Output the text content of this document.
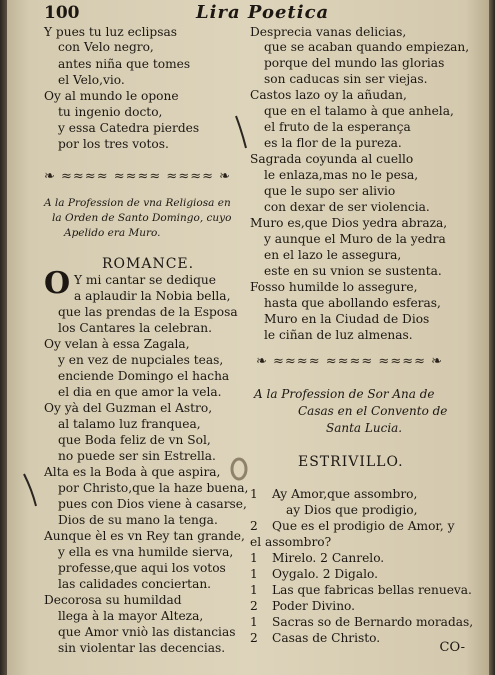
100	Lira Poetica
Y pues tu luz eclipsas
con Velo negro,
antes niña que tomes
el Velo,vio.
Oy al mundo le opone
tu ingenio docto,
y essa Catedra pierdes
por los tres votos.
❧ ≈≈≈≈ ≈≈≈≈ ≈≈≈≈ ❧
A la Profession de vna Religiosa en
la Orden de Santo Domingo, cuyo
Apelido era Muro.
ROMANCE.
O Y mi cantar se dedique
a aplaudir la Nobia bella,
que las prendas de la Esposa
los Cantares la celebran.
Oy velan à essa Zagala,
y en vez de nupciales teas,
enciende Domingo el hacha
el dia en que amor la vela.
Oy yà del Guzman el Astro,
al talamo luz franquea,
que Boda feliz de vn Sol,
no puede ser sin Estrella.
Alta es la Boda à que aspira,
por Christo,que la haze buena,
pues con Dios viene à casarse,
Dios de su mano la tenga.
Aunque èl es vn Rey tan grande,
y ella es vna humilde sierva,
professe,que aqui los votos
las calidades conciertan.
Decorosa su humildad
llega à la mayor Alteza,
que Amor vniò las distancias
sin violentar las decencias.
Desprecia vanas delicias,
que se acaban quando empiezan,
porque del mundo las glorias
son caducas sin ser viejas.
Castos lazo oy la añudan,
que en el talamo à que anhela,
el fruto de la esperança
es la flor de la pureza.
Sagrada coyunda al cuello
le enlaza,mas no le pesa,
que le supo ser alivio
con dexar de ser violencia.
Muro es,que Dios yedra abraza,
y aunque el Muro de la yedra
en el lazo le assegura,
este en su vnion se sustenta.
Fosso humilde lo assegure,
hasta que abollando esferas,
Muro en la Ciudad de Dios
le ciñan de luz almenas.
❧ ≈≈≈≈ ≈≈≈≈ ≈≈≈≈ ❧
A la Profession de Sor Ana de
Casas en el Convento de
Santa Lucia.
ESTRIVILLO.
1 Ay Amor,que assombro,
ay Dios que prodigio,
2 Que es el prodigio de Amor, y
el assombro?
1 Mirelo. 2 Canrelo.
1 Oygalo. 2 Digalo.
1 Las que fabricas bellas renueva.
2 Poder Divino.
1 Sacras so de Bernardo moradas,
2 Casas de Christo.
CO-
